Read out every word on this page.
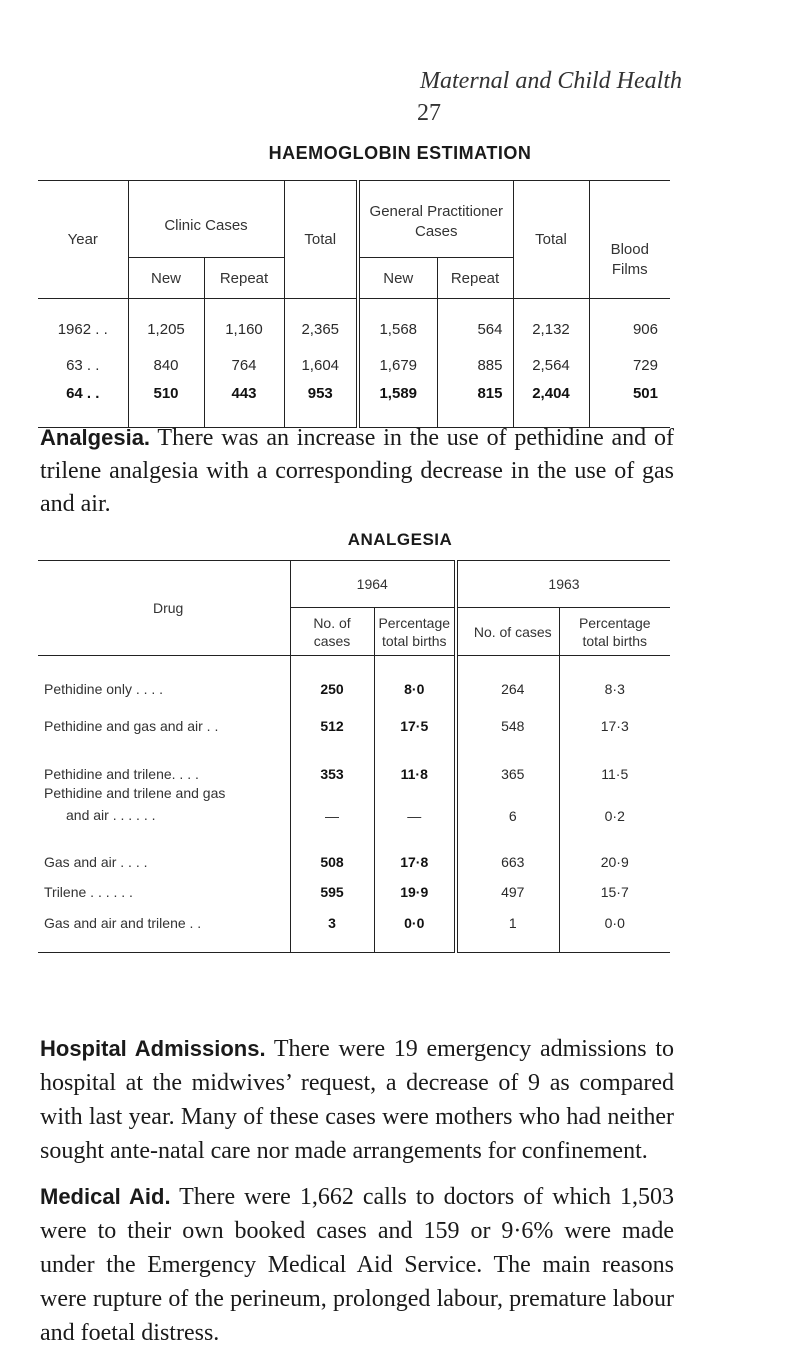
Maternal and Child Health
27
HAEMOGLOBIN ESTIMATION
Year	Clinic Cases		Total	General Practitioner Cases		Total	Blood Films
	New	Repeat		New	Repeat		
1962 . .	1,205	1,160	2,365	1,568	564	2,132	906
63 . .	840	764	1,604	1,679	885	2,564	729
64 . .	510	443	953	1,589	815	2,404	501

Analgesia. There was an increase in the use of pethidine and of trilene analgesia with a corresponding decrease in the use of gas and air.

ANALGESIA
Drug	1964		1963		
	No. of cases	Percentage total births		No. of cases	Percentage total births
Pethidine only . . . .	250	8·0		264	8·3
Pethidine and gas and air . .	512	17·5		548	17·3
Pethidine and trilene. . . .	353	11·8		365	11·5

Pethidine and trilene and gas
and air . . . . . .	—	—		6	0·2
Gas and air . . . .	508	17·8		663	20·9
Trilene . . . . . .	595	19·9		497	15·7
Gas and air and trilene . .	3	0·0		1	0·0

Hospital Admissions. There were 19 emergency admissions to hospital at the midwives’ request, a decrease of 9 as compared with last year. Many of these cases were mothers who had neither sought ante-natal care nor made arrangements for confinement.

Medical Aid. There were 1,662 calls to doctors of which 1,503 were to their own booked cases and 159 or 9·6% were made under the Emergency Medical Aid Service. The main reasons were rupture of the perineum, prolonged labour, premature labour and foetal distress.
